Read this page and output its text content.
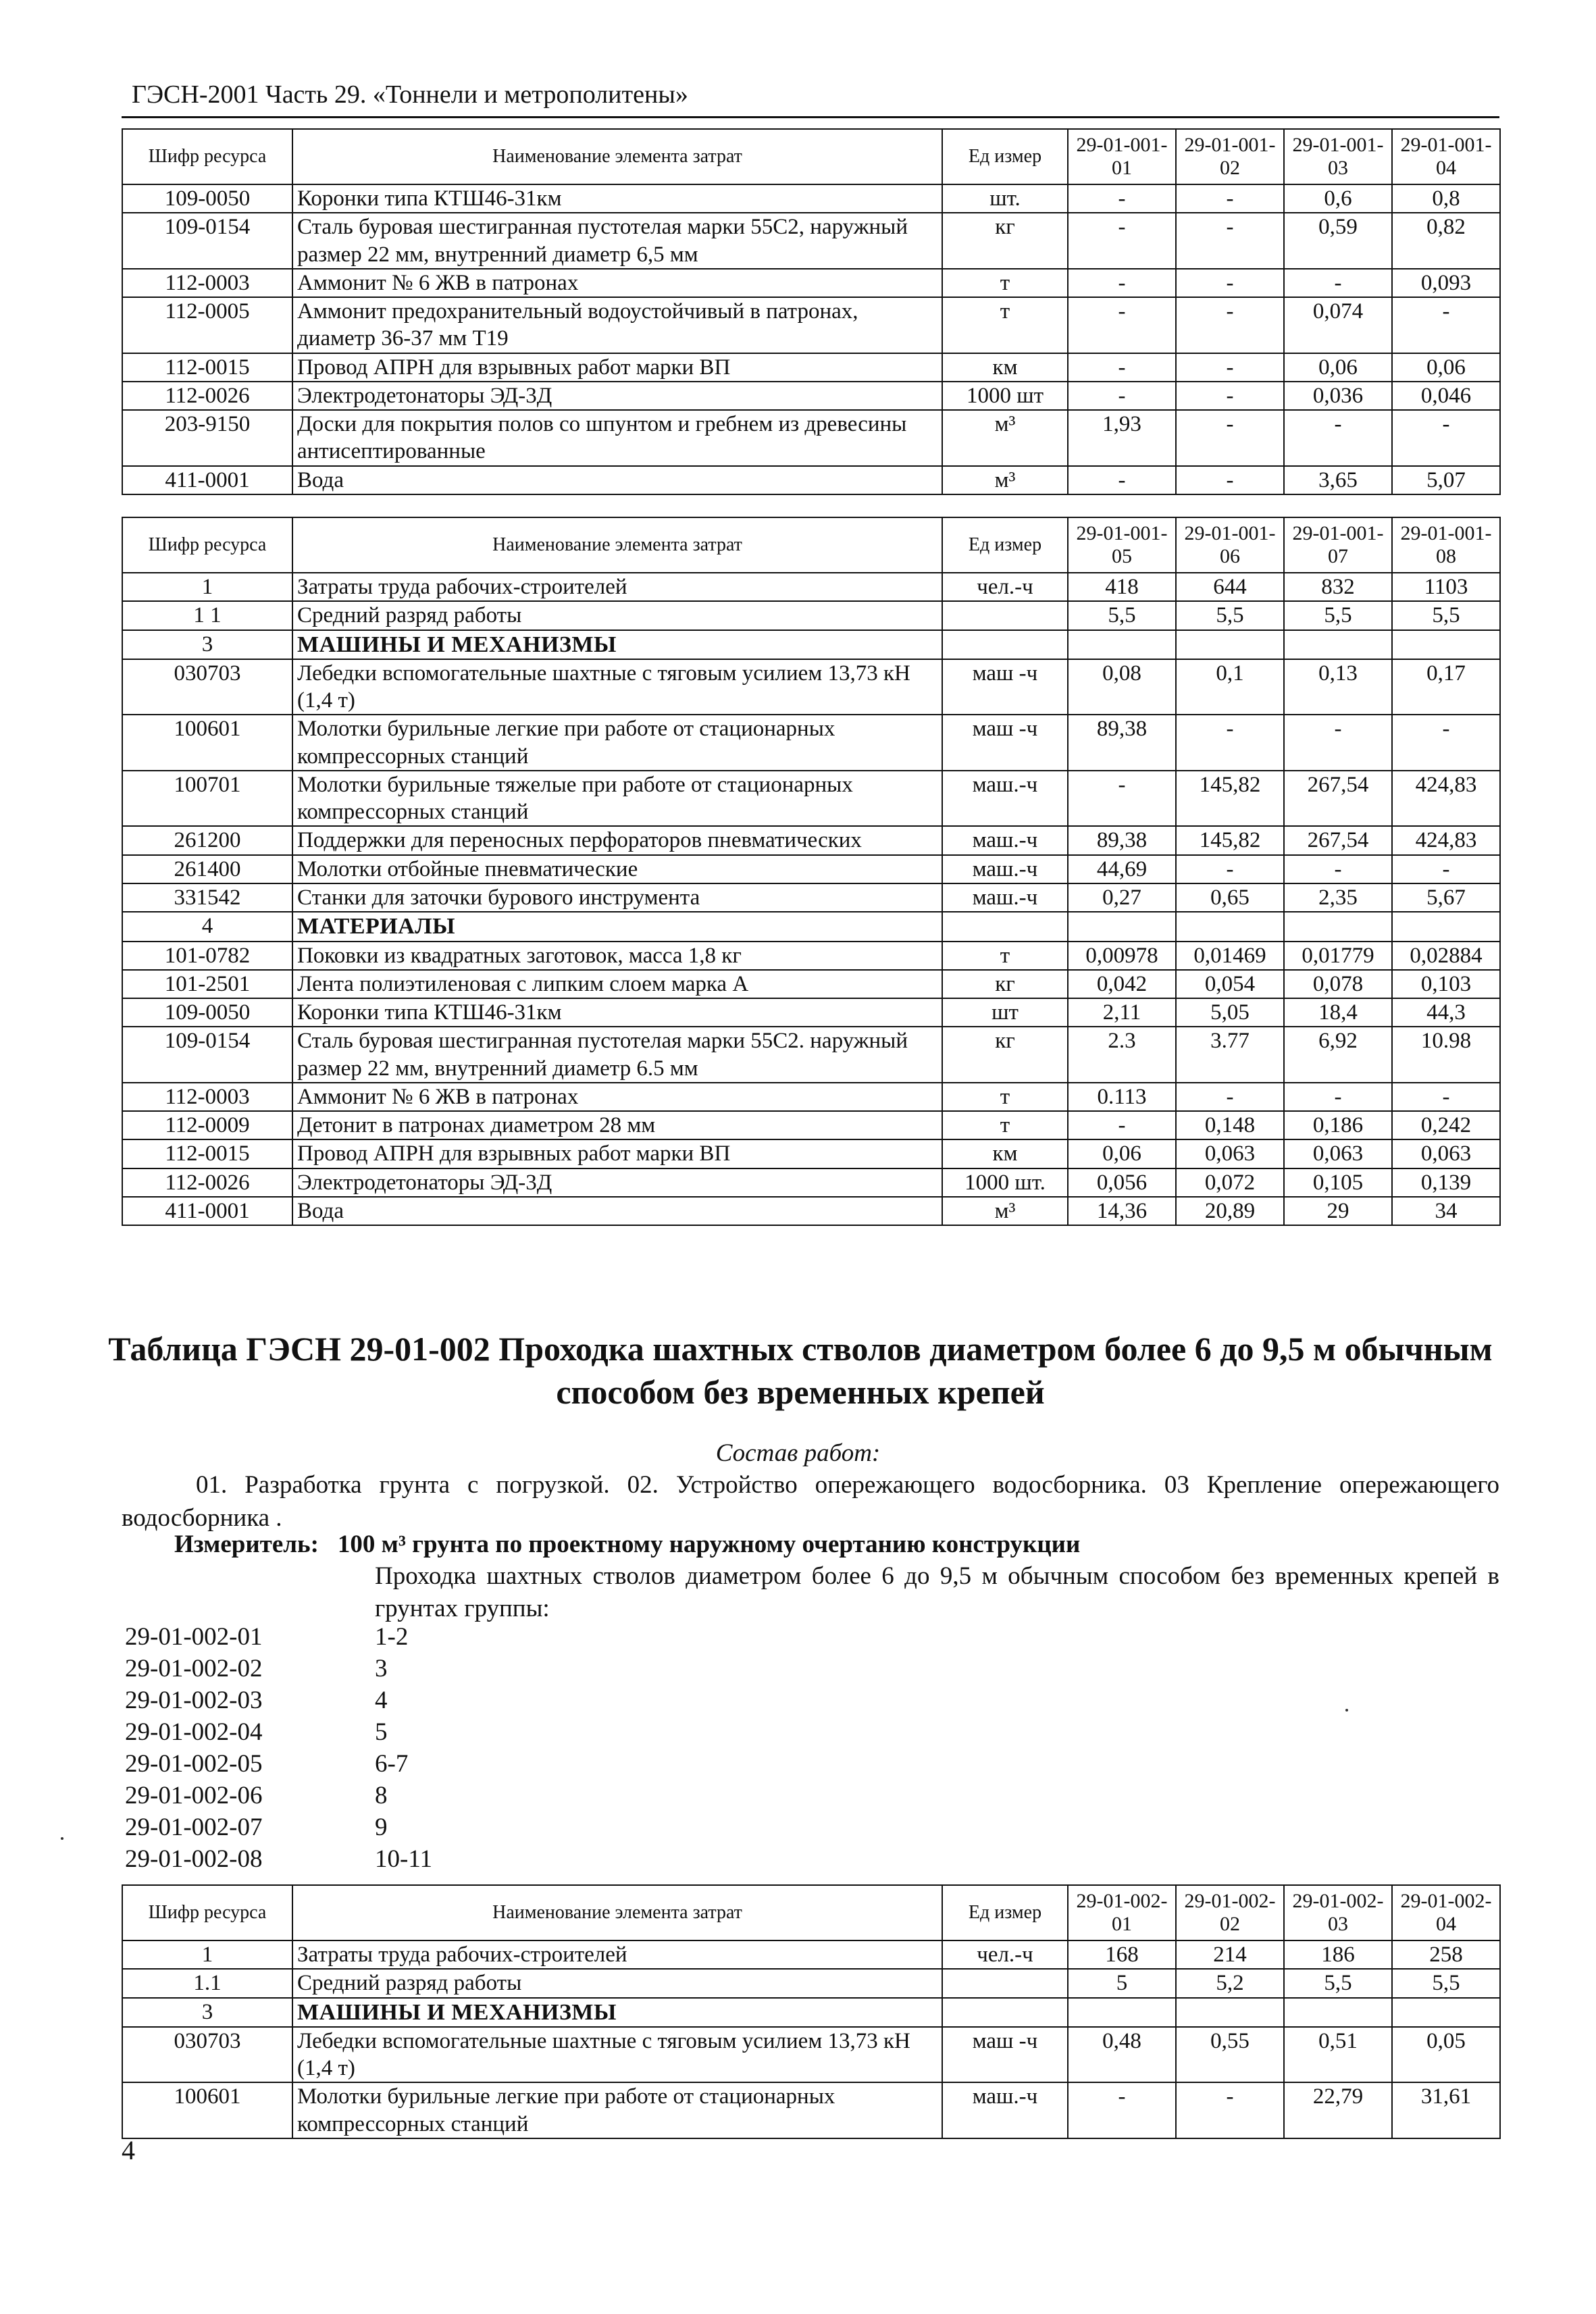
ГЭСН-2001 Часть 29. «Тоннели и метрополитены»
Шифр ресурса	Наименование элемента затрат	Ед измер	29-01-001-01	29-01-001-02	29-01-001-03	29-01-001-04
109-0050	Коронки типа КТШ46-31км	шт.	-	-	0,6	0,8
109-0154	Сталь буровая шестигранная пустотелая марки 55С2, наружный размер 22 мм, внутренний диаметр 6,5 мм	кг	-	-	0,59	0,82
112-0003	Аммонит № 6 ЖВ в патронах	т	-	-	-	0,093
112-0005	Аммонит предохранительный водоустойчивый в патронах, диаметр 36-37 мм Т19	т	-	-	0,074	-
112-0015	Провод АПРН для взрывных работ марки ВП	км	-	-	0,06	0,06
112-0026	Электродетонаторы ЭД-3Д	1000 шт	-	-	0,036	0,046
203-9150	Доски для покрытия полов со шпунтом и гребнем из древесины антисептированные	м³	1,93	-	-	-
411-0001	Вода	м³	-	-	3,65	5,07
Шифр ресурса	Наименование элемента затрат	Ед измер	29-01-001-05	29-01-001-06	29-01-001-07	29-01-001-08
1	Затраты труда рабочих-строителей	чел.-ч	418	644	832	1103
1 1	Средний разряд работы		5,5	5,5	5,5	5,5
3	МАШИНЫ И МЕХАНИЗМЫ					
030703	Лебедки вспомогательные шахтные с тяговым усилием 13,73 кН (1,4 т)	маш -ч	0,08	0,1	0,13	0,17
100601	Молотки бурильные легкие при работе от стационарных компрессорных станций	маш -ч	89,38	-	-	-
100701	Молотки бурильные тяжелые при работе от стационарных компрессорных станций	маш.-ч	-	145,82	267,54	424,83
261200	Поддержки для переносных перфораторов пневматических	маш.-ч	89,38	145,82	267,54	424,83
261400	Молотки отбойные пневматические	маш.-ч	44,69	-	-	-
331542	Станки для заточки бурового инструмента	маш.-ч	0,27	0,65	2,35	5,67
4	МАТЕРИАЛЫ					
101-0782	Поковки из квадратных заготовок, масса 1,8 кг	т	0,00978	0,01469	0,01779	0,02884
101-2501	Лента полиэтиленовая с липким слоем марка А	кг	0,042	0,054	0,078	0,103
109-0050	Коронки типа КТШ46-31км	шт	2,11	5,05	18,4	44,3
109-0154	Сталь буровая шестигранная пустотелая марки 55С2. наружный размер 22 мм, внутренний диаметр 6.5 мм	кг	2.3	3.77	6,92	10.98
112-0003	Аммонит № 6 ЖВ в патронах	т	0.113	-	-	-
112-0009	Детонит в патронах диаметром 28 мм	т	-	0,148	0,186	0,242
112-0015	Провод АПРН для взрывных работ марки ВП	км	0,06	0,063	0,063	0,063
112-0026	Электродетонаторы ЭД-3Д	1000 шт.	0,056	0,072	0,105	0,139
411-0001	Вода	м³	14,36	20,89	29	34
Таблица ГЭСН 29-01-002 Проходка шахтных стволов диаметром более 6 до 9,5 м обычным способом без временных крепей
Состав работ:
01. Разработка грунта с погрузкой. 02. Устройство опережающего водосборника. 03 Крепление опережающего водосборника .
Измеритель: 100 м³ грунта по проектному наружному очертанию конструкции
Проходка шахтных стволов диаметром более 6 до 9,5 м обычным способом без временных крепей в грунтах группы:
29-01-002-01	1-2
29-01-002-02	3
29-01-002-03	4
29-01-002-04	5
29-01-002-05	6-7
29-01-002-06	8
29-01-002-07	9
29-01-002-08	10-11
Шифр ресурса	Наименование элемента затрат	Ед измер	29-01-002-01	29-01-002-02	29-01-002-03	29-01-002-04
1	Затраты труда рабочих-строителей	чел.-ч	168	214	186	258
1.1	Средний разряд работы		5	5,2	5,5	5,5
3	МАШИНЫ И МЕХАНИЗМЫ					
030703	Лебедки вспомогательные шахтные с тяговым усилием 13,73 кН (1,4 т)	маш -ч	0,48	0,55	0,51	0,05
100601	Молотки бурильные легкие при работе от стационарных компрессорных станций	маш.-ч	-	-	22,79	31,61
4
